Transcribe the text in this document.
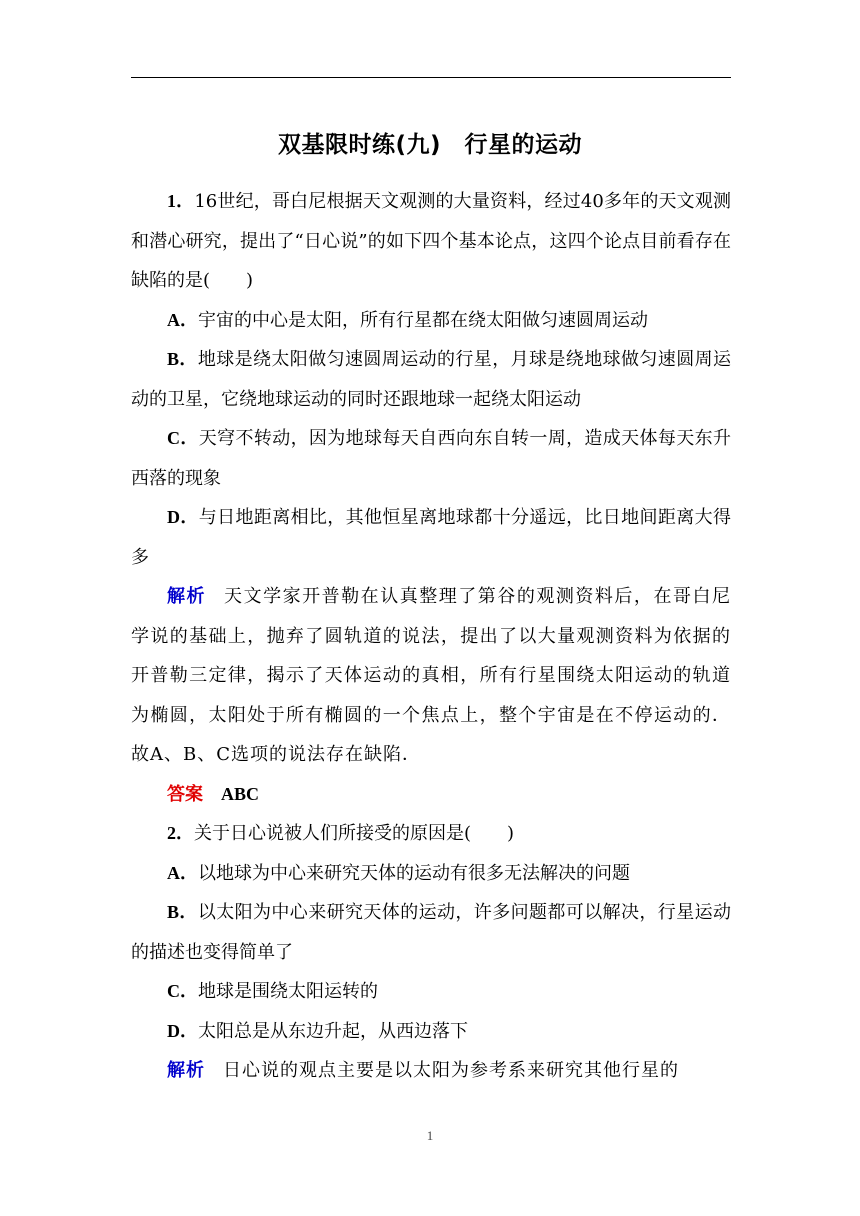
双基限时练(九)　行星的运动

1．16世纪，哥白尼根据天文观测的大量资料，经过40多年的天文观测和潜心研究，提出了“日心说”的如下四个基本论点，这四个论点目前看存在缺陷的是(　　)

A．宇宙的中心是太阳，所有行星都在绕太阳做匀速圆周运动

B．地球是绕太阳做匀速圆周运动的行星，月球是绕地球做匀速圆周运动的卫星，它绕地球运动的同时还跟地球一起绕太阳运动

C．天穹不转动，因为地球每天自西向东自转一周，造成天体每天东升西落的现象

D．与日地距离相比，其他恒星离地球都十分遥远，比日地间距离大得多

解析 天文学家开普勒在认真整理了第谷的观测资料后，在哥白尼学说的基础上，抛弃了圆轨道的说法，提出了以大量观测资料为依据的开普勒三定律，揭示了天体运动的真相，所有行星围绕太阳运动的轨道为椭圆，太阳处于所有椭圆的一个焦点上，整个宇宙是在不停运动的．故A、B、C选项的说法存在缺陷．

答案 ABC

2．关于日心说被人们所接受的原因是(　　)

A．以地球为中心来研究天体的运动有很多无法解决的问题

B．以太阳为中心来研究天体的运动，许多问题都可以解决，行星运动的描述也变得简单了

C．地球是围绕太阳运转的

D．太阳总是从东边升起，从西边落下

解析 日心说的观点主要是以太阳为参考系来研究其他行星的

1
